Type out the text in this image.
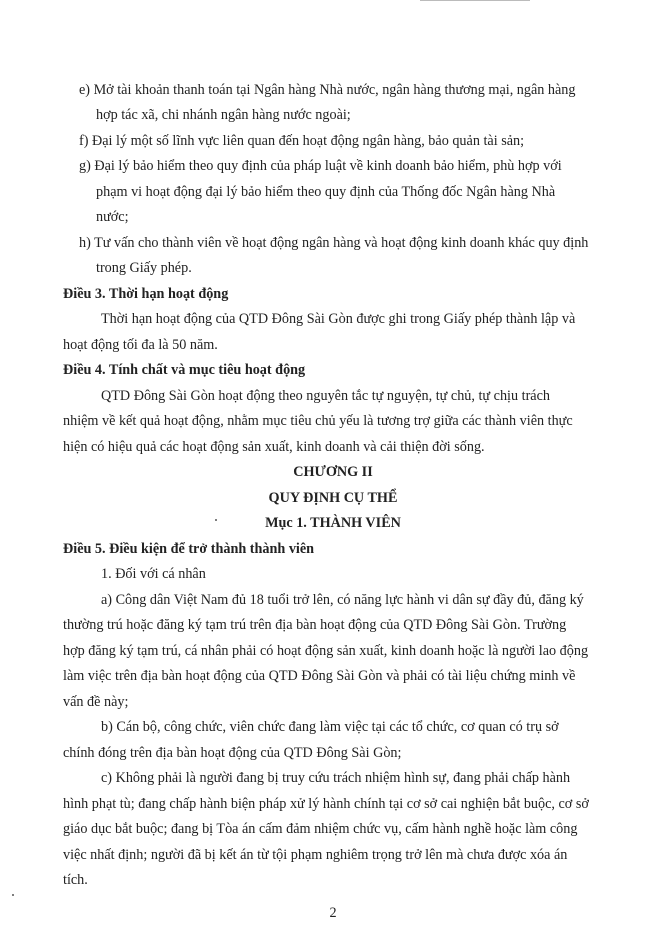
e) Mở tài khoản thanh toán tại Ngân hàng Nhà nước, ngân hàng thương mại, ngân hàng
hợp tác xã, chi nhánh ngân hàng nước ngoài;
f) Đại lý một số lĩnh vực liên quan đến hoạt động ngân hàng, bảo quản tài sản;
g) Đại lý bảo hiểm theo quy định của pháp luật về kinh doanh bảo hiểm, phù hợp với
phạm vi hoạt động đại lý bảo hiểm theo quy định của Thống đốc Ngân hàng Nhà
nước;
h) Tư vấn cho thành viên về hoạt động ngân hàng và hoạt động kinh doanh khác quy định
trong Giấy phép.
Điều 3. Thời hạn hoạt động
Thời hạn hoạt động của QTD Đông Sài Gòn được ghi trong Giấy phép thành lập và
hoạt động tối đa là 50 năm.
Điều 4. Tính chất và mục tiêu hoạt động
QTD Đông Sài Gòn hoạt động theo nguyên tắc tự nguyện, tự chủ, tự chịu trách
nhiệm về kết quả hoạt động, nhằm mục tiêu chủ yếu là tương trợ giữa các thành viên thực
hiện có hiệu quả các hoạt động sản xuất, kinh doanh và cải thiện đời sống.
CHƯƠNG II
QUY ĐỊNH CỤ THỂ
Mục 1. THÀNH VIÊN
Điều 5. Điều kiện để trở thành thành viên
1. Đối với cá nhân
a) Công dân Việt Nam đủ 18 tuổi trở lên, có năng lực hành vi dân sự đầy đủ, đăng ký
thường trú hoặc đăng ký tạm trú trên địa bàn hoạt động của QTD Đông Sài Gòn. Trường
hợp đăng ký tạm trú, cá nhân phải có hoạt động sản xuất, kinh doanh hoặc là người lao động
làm việc trên địa bàn hoạt động của QTD Đông Sài Gòn và phải có tài liệu chứng minh về
vấn đề này;
b) Cán bộ, công chức, viên chức đang làm việc tại các tổ chức, cơ quan có trụ sở
chính đóng trên địa bàn hoạt động của QTD Đông Sài Gòn;
c) Không phải là người đang bị truy cứu trách nhiệm hình sự, đang phải chấp hành
hình phạt tù; đang chấp hành biện pháp xử lý hành chính tại cơ sở cai nghiện bắt buộc, cơ sở
giáo dục bắt buộc; đang bị Tòa án cấm đảm nhiệm chức vụ, cấm hành nghề hoặc làm công
việc nhất định; người đã bị kết án từ tội phạm nghiêm trọng trở lên mà chưa được xóa án
tích.
2
